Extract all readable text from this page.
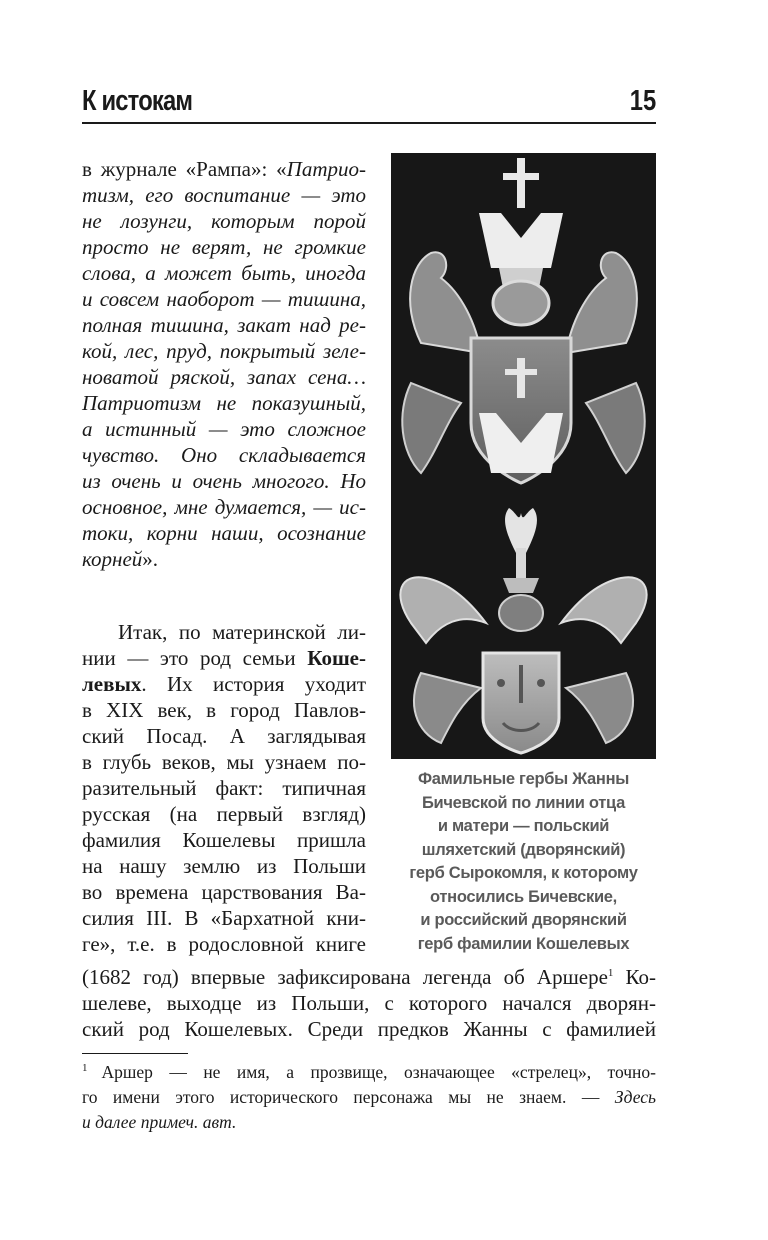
К истокам	15
в журнале «Рампа»: «Патрио-
тизм, его воспитание — это
не лозунги, которым порой
просто не верят, не громкие
слова, а может быть, иногда
и совсем наоборот — тишина,
полная тишина, закат над ре-
кой, лес, пруд, покрытый зеле-
новатой ряской, запах сена…
Патриотизм не показушный,
а истинный — это сложное
чувство. Оно складывается
из очень и очень многого. Но
основное, мне думается, — ис-
токи, корни наши, осознание
корней».
Итак, по материнской ли-
нии — это род семьи Коше-
левых. Их история уходит
в XIX век, в город Павлов-
ский Посад. А заглядывая
в глубь веков, мы узнаем по-
разительный факт: типичная
русская (на первый взгляд)
фамилия Кошелевы пришла
на нашу землю из Польши
во времена царствования Ва-
силия III. В «Бархатной кни-
ге», т.е. в родословной книге
(1682 год) впервые зафиксирована легенда об Аршере$^1$ Ко-
шелеве, выходце из Польши, с которого начался дворян-
ский род Кошелевых. Среди предков Жанны с фамилией
Фамильные гербы Жанны
Бичевской по линии отца
и матери — польский
шляхетский (дворянский)
герб Сырокомля, к которому
относились Бичевские,
и российский дворянский
герб фамилии Кошелевых
$^1$ Аршер — не имя, а прозвище, означающее «стрелец», точно-
го имени этого исторического персонажа мы не знаем. — Здесь
и далее примеч. авт.
